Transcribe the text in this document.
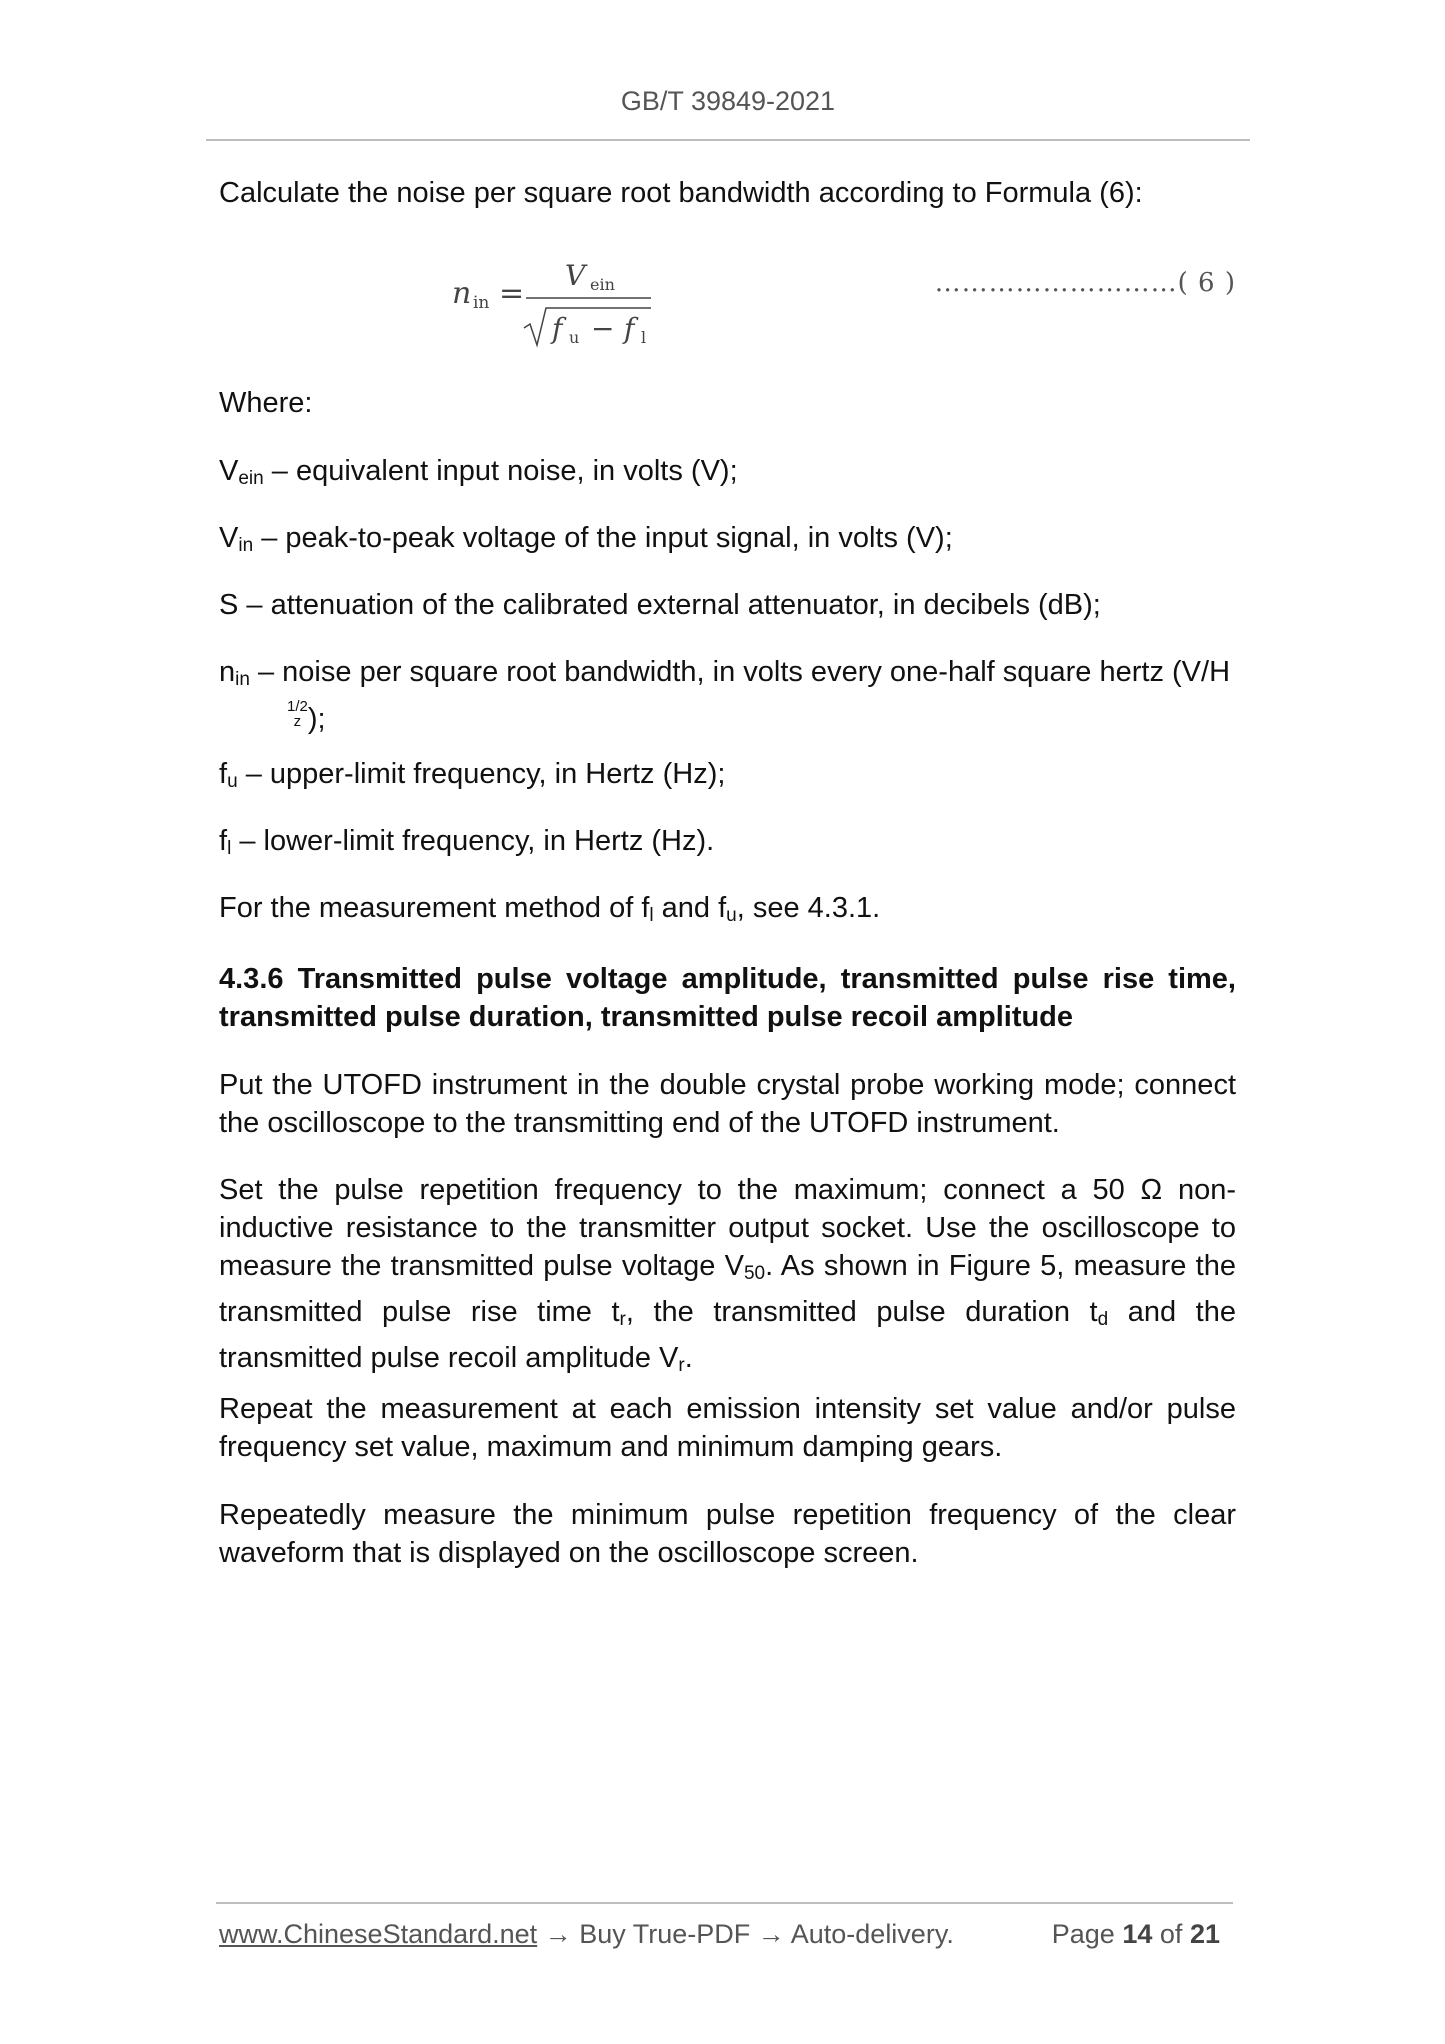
GB/T 39849-2021

Calculate the noise per square root bandwidth according to Formula (6):

n in =
V ein
f u − f l
………………………( 6 )

Where:

$V_{ein}$ – equivalent input noise, in volts (V);

$V_{in}$ – peak-to-peak voltage of the input signal, in volts (V);

S – attenuation of the calibrated external attenuator, in decibels (dB);

$n_{in}$ – noise per square root bandwidth, in volts every one-half square hertz (V/H
1/2
z );

$f_u$ – upper-limit frequency, in Hertz (Hz);

$f_l$ – lower-limit frequency, in Hertz (Hz).

For the measurement method of $f_l$ and $f_u$, see 4.3.1.

4.3.6 Transmitted pulse voltage amplitude, transmitted pulse rise time, transmitted pulse duration, transmitted pulse recoil amplitude

Put the UTOFD instrument in the double crystal probe working mode; connect the oscilloscope to the transmitting end of the UTOFD instrument.

Set the pulse repetition frequency to the maximum; connect a 50 Ω non-inductive resistance to the transmitter output socket. Use the oscilloscope to measure the transmitted pulse voltage $V_{50}$. As shown in Figure 5, measure the transmitted pulse rise time $t_r$, the transmitted pulse duration $t_d$ and the transmitted pulse recoil amplitude $V_r$.

Repeat the measurement at each emission intensity set value and/or pulse frequency set value, maximum and minimum damping gears.

Repeatedly measure the minimum pulse repetition frequency of the clear waveform that is displayed on the oscilloscope screen.

www.ChineseStandard.net → Buy True-PDF → Auto-delivery.	Page 14 of 21
